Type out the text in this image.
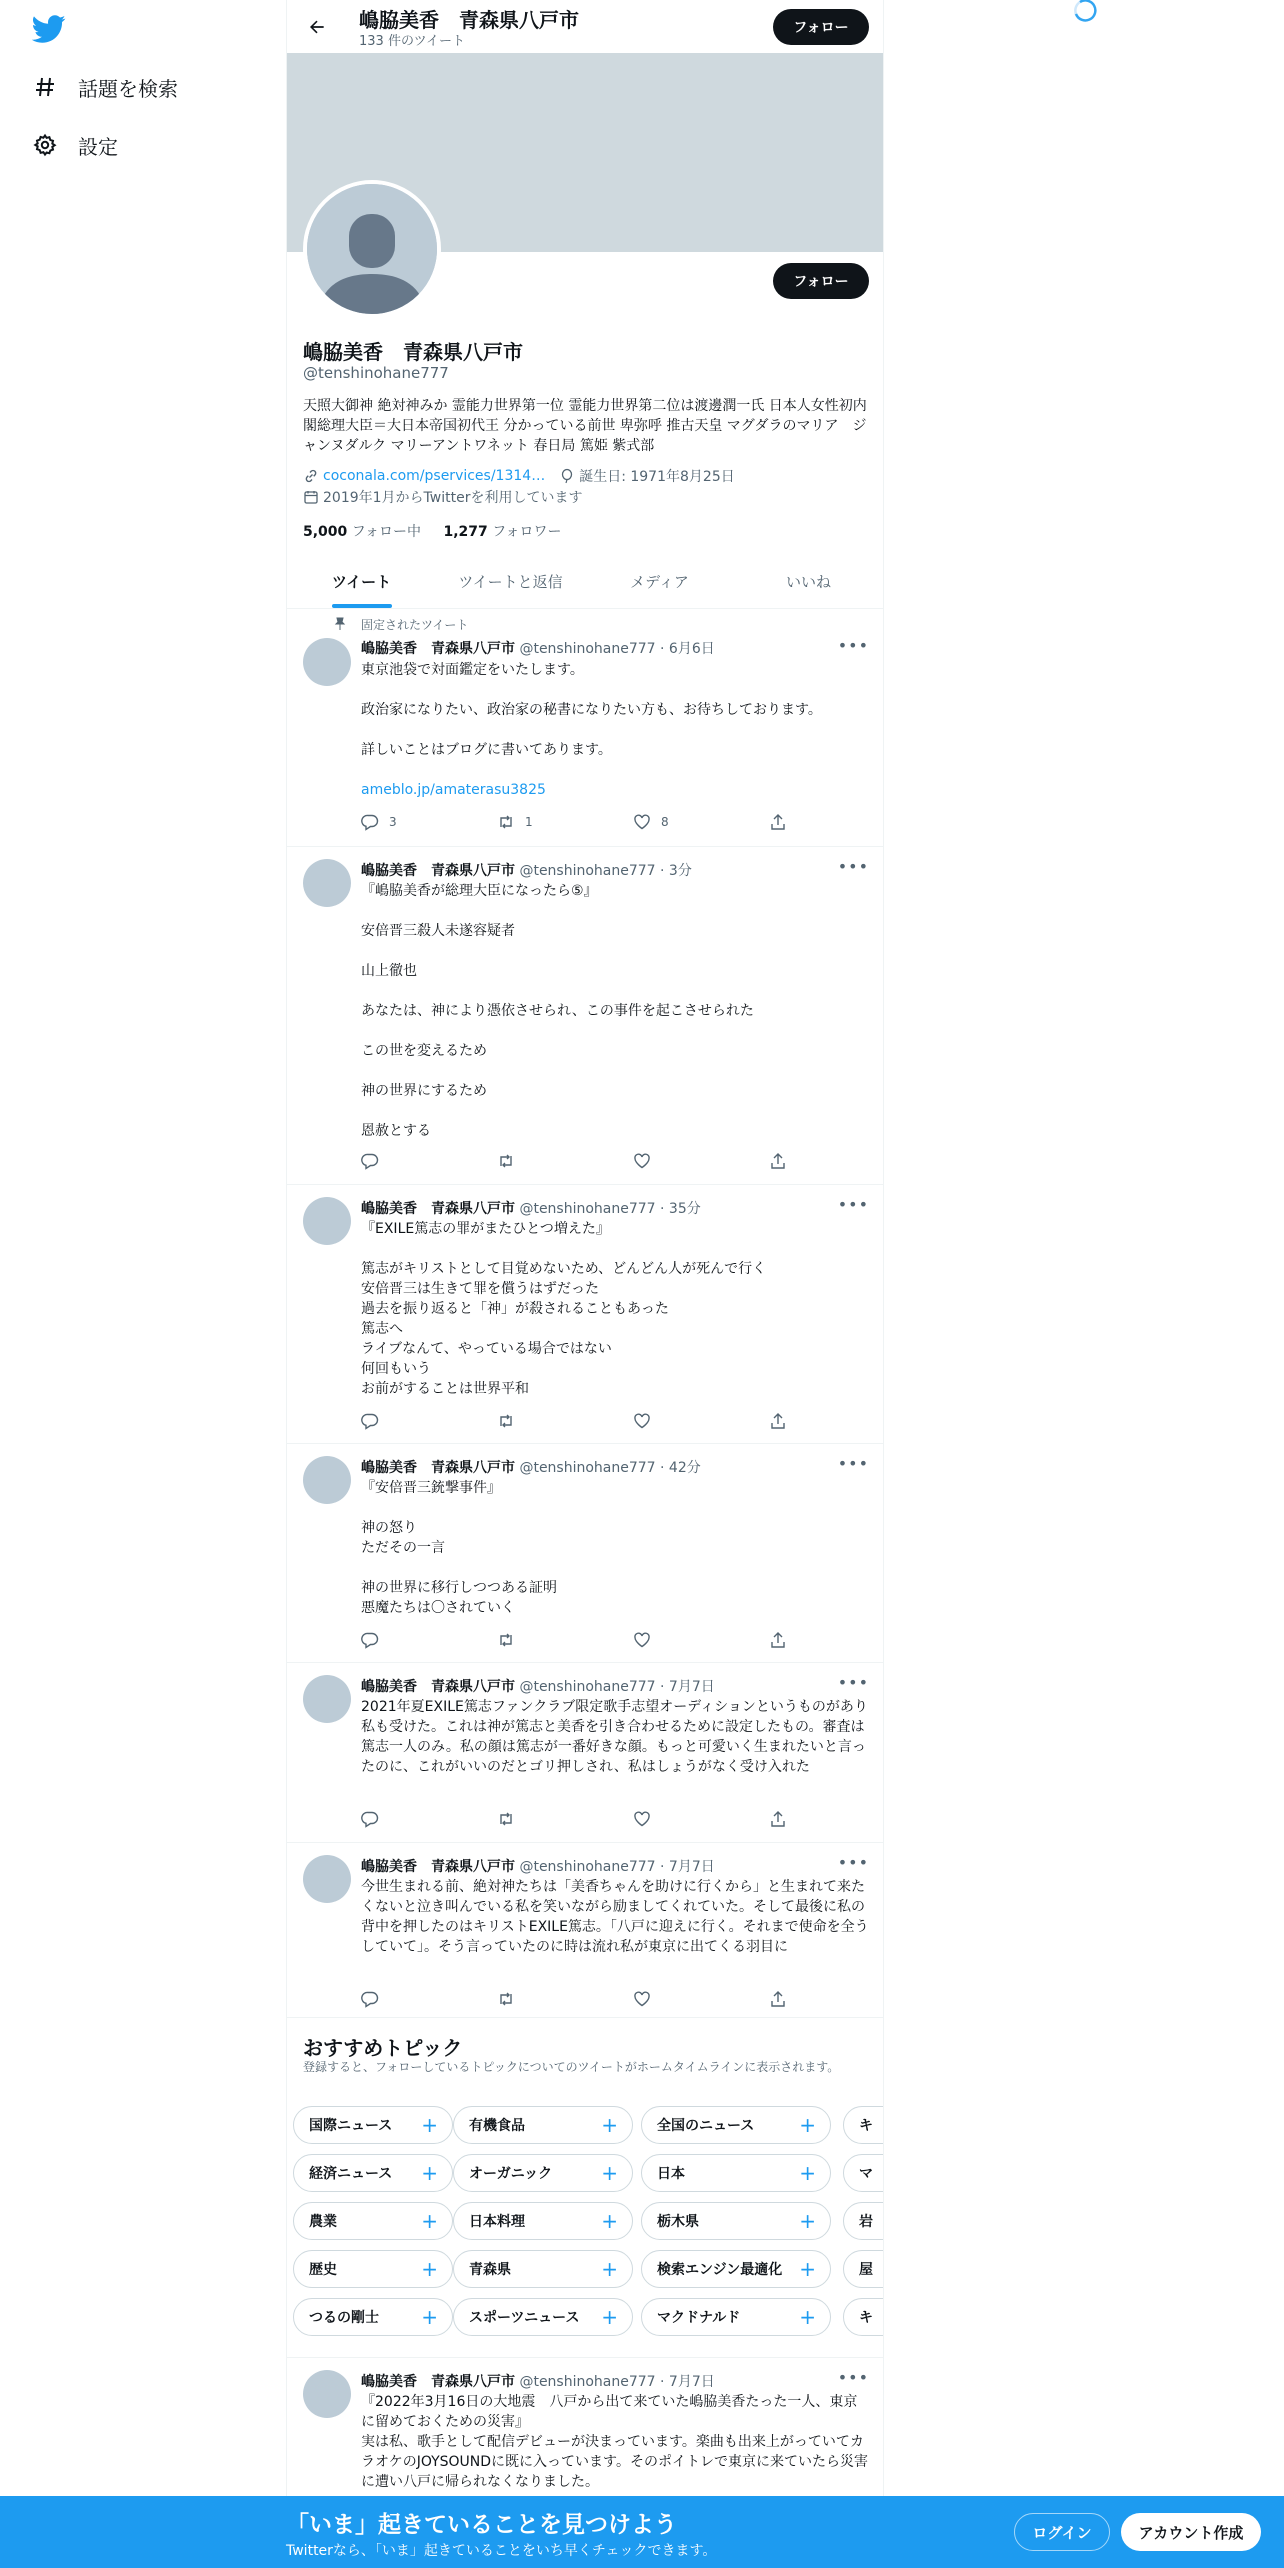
話題を検索
設定
嶋脇美香　青森県八戸市
133 件のツイート
フォロー
フォロー
嶋脇美香　青森県八戸市
@tenshinohane777
天照大御神 絶対神みか 霊能力世界第一位 霊能力世界第二位は渡邊潤一氏 日本人女性初内閣総理大臣＝大日本帝国初代王 分かっている前世 卑弥呼 推古天皇 マグダラのマリア　ジャンヌダルク マリーアントワネット 春日局 篤姫 紫式部
coconala.com/pservices/1314… 誕生日: 1971年8月25日
2019年1月からTwitterを利用しています
5,000 フォロー中 1,277 フォロワー
ツイート	ツイートと返信	メディア	いいね
固定されたツイート
嶋脇美香　青森県八戸市 @tenshinohane777 · 6月6日	•••
東京池袋で対面鑑定をいたします。

政治家になりたい、政治家の秘書になりたい方も、お待ちしております。

詳しいことはブログに書いてあります。

ameblo.jp/amaterasu3825
3	1	8
嶋脇美香　青森県八戸市 @tenshinohane777 · 3分	•••
『嶋脇美香が総理大臣になったら⑤』

安倍晋三殺人未遂容疑者

山上徹也

あなたは、神により憑依させられ、この事件を起こさせられた

この世を変えるため

神の世界にするため

恩赦とする
嶋脇美香　青森県八戸市 @tenshinohane777 · 35分	•••
『EXILE篤志の罪がまたひとつ増えた』

篤志がキリストとして目覚めないため、どんどん人が死んで行く
安倍晋三は生きて罪を償うはずだった
過去を振り返ると「神」が殺されることもあった
篤志へ
ライブなんて、やっている場合ではない
何回もいう
お前がすることは世界平和
嶋脇美香　青森県八戸市 @tenshinohane777 · 42分	•••
『安倍晋三銃撃事件』

神の怒り
ただその一言

神の世界に移行しつつある証明
悪魔たちは〇されていく
嶋脇美香　青森県八戸市 @tenshinohane777 · 7月7日	•••
2021年夏EXILE篤志ファンクラブ限定歌手志望オーディションというものがあり私も受けた。これは神が篤志と美香を引き合わせるために設定したもの。審査は篤志一人のみ。私の顔は篤志が一番好きな顔。もっと可愛いく生まれたいと言ったのに、これがいいのだとゴリ押しされ、私はしょうがなく受け入れた
嶋脇美香　青森県八戸市 @tenshinohane777 · 7月7日	•••
今世生まれる前、絶対神たちは「美香ちゃんを助けに行くから」と生まれて来たくないと泣き叫んでいる私を笑いながら励ましてくれていた。そして最後に私の背中を押したのはキリストEXILE篤志。「八戸に迎えに行く。それまで使命を全うしていて」。そう言っていたのに時は流れ私が東京に出てくる羽目に
おすすめトピック
登録すると、フォローしているトピックについてのツイートがホームタイムラインに表示されます。
国際ニュース + 有機食品	+	全国のニュース +	キ
経済ニュース + オーガニック +	日本	+	マ
農業	+ 日本料理	+	栃木県	+	岩
歴史	+ 青森県	+	検索エンジン最適化 +	屋
つるの剛士 + スポーツニュース +	マクドナルド	+	キ
嶋脇美香　青森県八戸市 @tenshinohane777 · 7月7日	•••
『2022年3月16日の大地震　八戸から出て来ていた嶋脇美香たった一人、東京に留めておくための災害』
実は私、歌手として配信デビューが決まっています。楽曲も出来上がっていてカラオケのJOYSOUNDに既に入っています。そのポイトレで東京に来ていたら災害に遭い八戸に帰られなくなりました。
「いま」起きていることを見つけよう
Twitterなら、「いま」起きていることをいち早くチェックできます。
ログイン	アカウント作成
